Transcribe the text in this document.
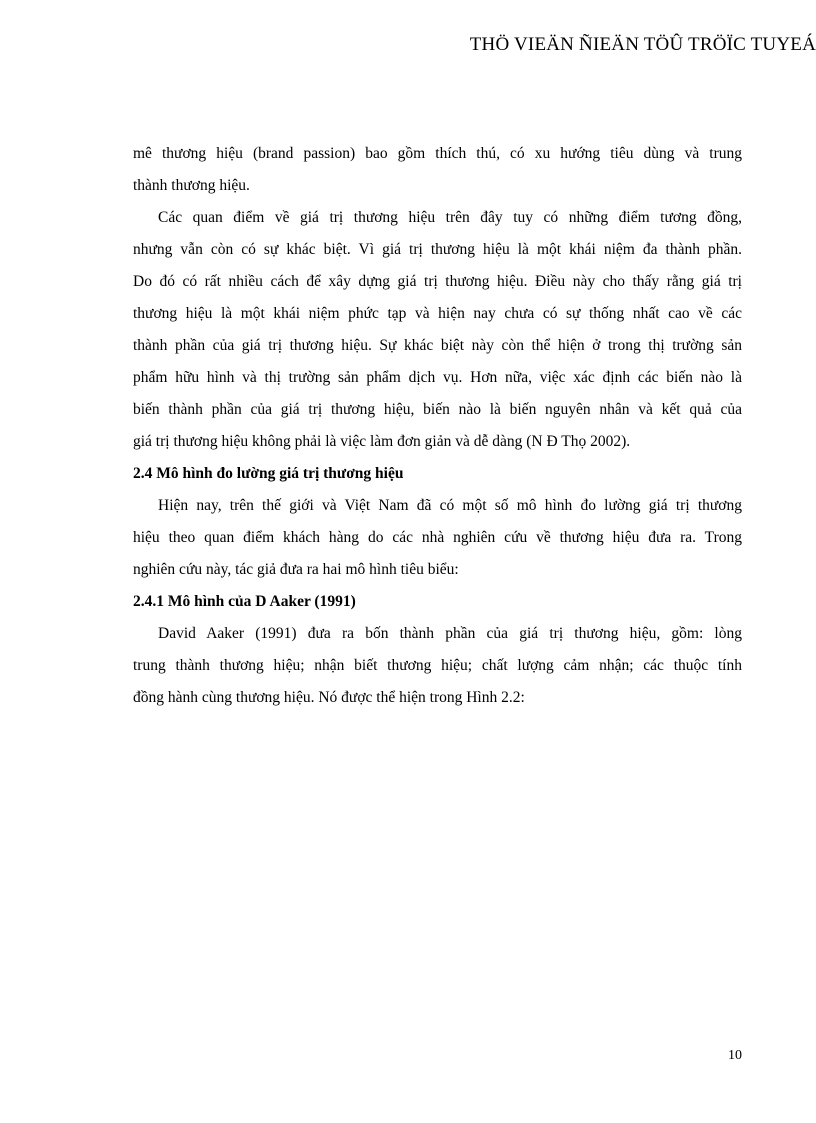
THÖ VIEÄN ÑIEÄN TÖÛ TRÖÏC TUYEÁ

mê thương hiệu (brand passion) bao gồm thích thú, có xu hướng tiêu dùng và trung

thành thương hiệu.

Các quan điểm về giá trị thương hiệu trên đây tuy có những điểm tương đồng,

nhưng vẫn còn có sự khác biệt. Vì giá trị thương hiệu là một khái niệm đa thành phần.

Do đó có rất nhiều cách để xây dựng giá trị thương hiệu. Điều này cho thấy rằng giá trị

thương hiệu là một khái niệm phức tạp và hiện nay chưa có sự thống nhất cao về các

thành phần của giá trị thương hiệu. Sự khác biệt này còn thể hiện ở trong thị trường sản

phẩm hữu hình và thị trường sản phẩm dịch vụ. Hơn nữa, việc xác định các biến nào là

biến thành phần của giá trị thương hiệu, biến nào là biến nguyên nhân và kết quả của

giá trị thương hiệu không phải là việc làm đơn giản và dễ dàng (N Đ Thọ 2002).

2.4 Mô hình đo lường giá trị thương hiệu

Hiện nay, trên thế giới và Việt Nam đã có một số mô hình đo lường giá trị thương

hiệu theo quan điểm khách hàng do các nhà nghiên cứu về thương hiệu đưa ra. Trong

nghiên cứu này, tác giả đưa ra hai mô hình tiêu biểu:

2.4.1 Mô hình của D Aaker (1991)

David Aaker (1991) đưa ra bốn thành phần của giá trị thương hiệu, gồm: lòng

trung thành thương hiệu; nhận biết thương hiệu; chất lượng cảm nhận; các thuộc tính

đồng hành cùng thương hiệu. Nó được thể hiện trong Hình 2.2:

10
